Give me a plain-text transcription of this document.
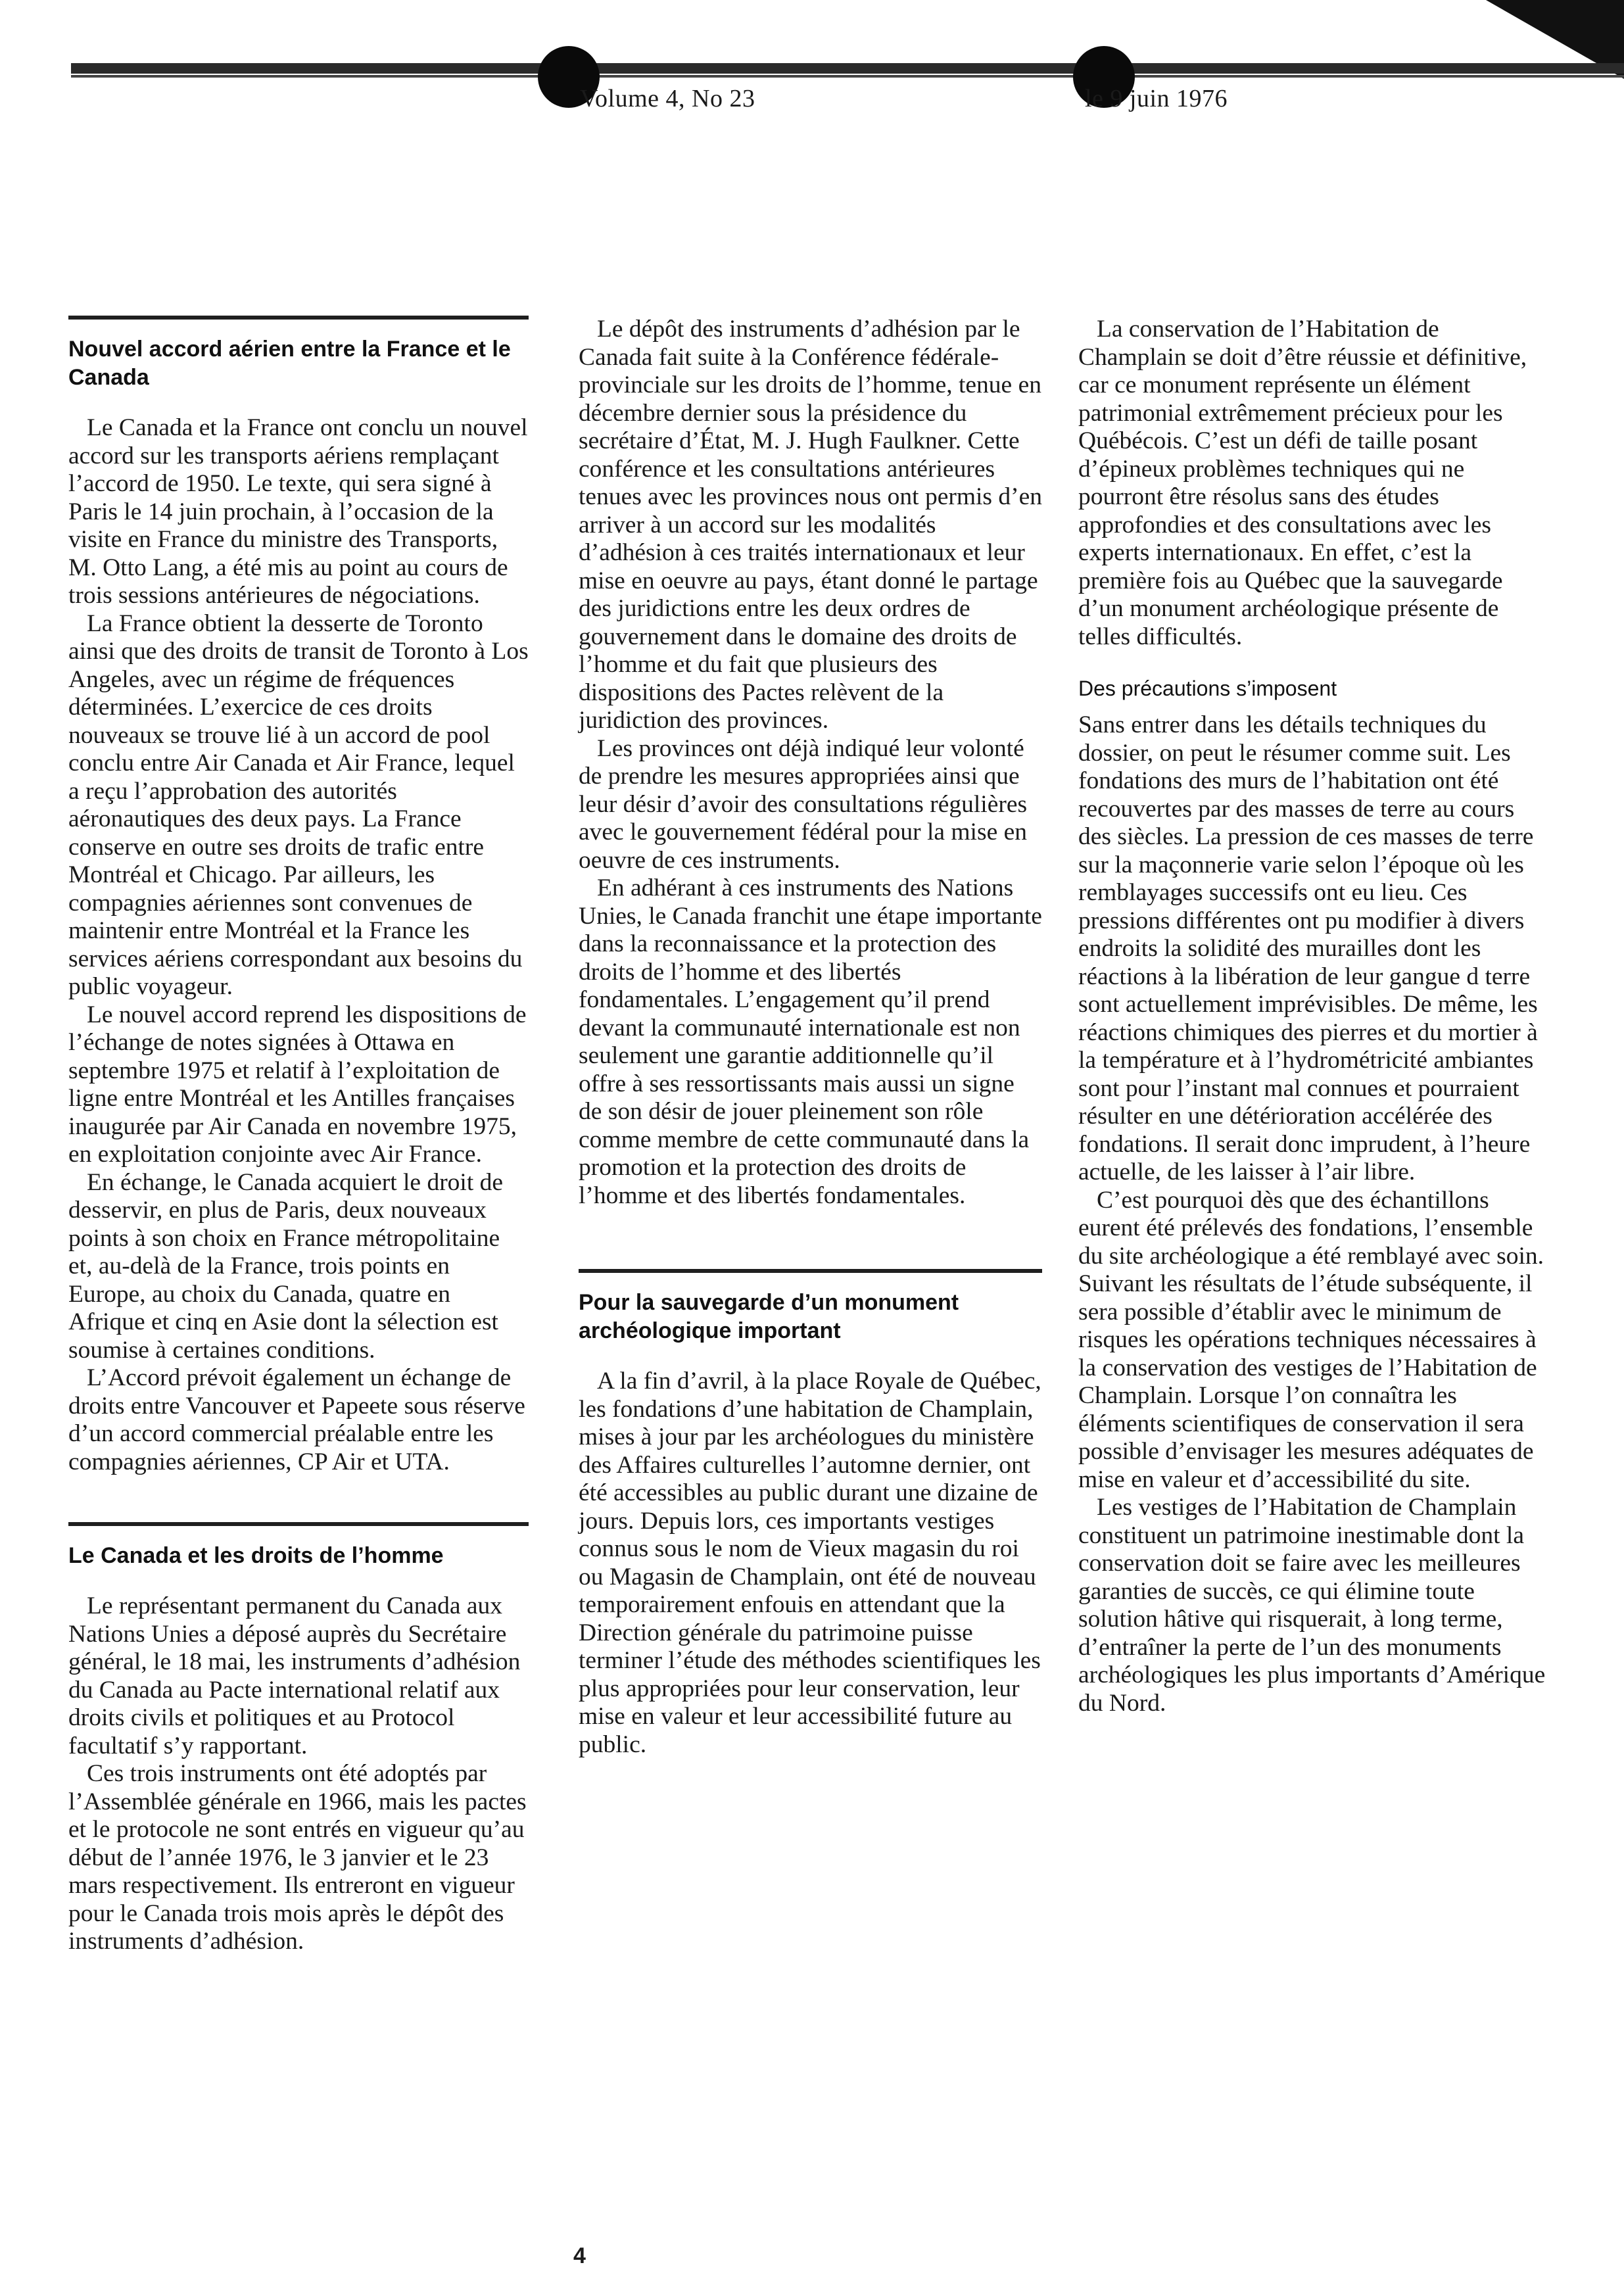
Volume 4, No 23	le 9 juin 1976
Nouvel accord aérien entre la France et le Canada

Le Canada et la France ont conclu un nouvel accord sur les transports aériens remplaçant l’accord de 1950. Le texte, qui sera signé à Paris le 14 juin prochain, à l’occasion de la visite en France du ministre des Transports, M. Otto Lang, a été mis au point au cours de trois sessions antérieures de négociations.

La France obtient la desserte de Toronto ainsi que des droits de transit de Toronto à Los Angeles, avec un régime de fréquences déterminées. L’exercice de ces droits nouveaux se trouve lié à un accord de pool conclu entre Air Canada et Air France, lequel a reçu l’approbation des autorités aéronautiques des deux pays. La France conserve en outre ses droits de trafic entre Montréal et Chicago. Par ailleurs, les compagnies aériennes sont convenues de maintenir entre Montréal et la France les services aériens correspondant aux besoins du public voyageur.

Le nouvel accord reprend les dispositions de l’échange de notes signées à Ottawa en septembre 1975 et relatif à l’exploitation de ligne entre Montréal et les Antilles françaises inaugurée par Air Canada en novembre 1975, en exploitation conjointe avec Air France.

En échange, le Canada acquiert le droit de desservir, en plus de Paris, deux nouveaux points à son choix en France métropolitaine et, au-delà de la France, trois points en Europe, au choix du Canada, quatre en Afrique et cinq en Asie dont la sélection est soumise à certaines conditions.

L’Accord prévoit également un échange de droits entre Vancouver et Papeete sous réserve d’un accord commercial préalable entre les compagnies aériennes, CP Air et UTA.

Le Canada et les droits de l’homme

Le représentant permanent du Canada aux Nations Unies a déposé auprès du Secrétaire général, le 18 mai, les instruments d’adhésion du Canada au Pacte international relatif aux droits civils et politiques et au Protocol facultatif s’y rapportant.

Ces trois instruments ont été adoptés par l’Assemblée générale en 1966, mais les pactes et le protocole ne sont entrés en vigueur qu’au début de l’année 1976, le 3 janvier et le 23 mars respectivement. Ils entreront en vigueur pour le Canada trois mois après le dépôt des instruments d’adhésion.

Le dépôt des instruments d’adhésion par le Canada fait suite à la Conférence fédérale-provinciale sur les droits de l’homme, tenue en décembre dernier sous la présidence du secrétaire d’État, M. J. Hugh Faulkner. Cette conférence et les consultations antérieures tenues avec les provinces nous ont permis d’en arriver à un accord sur les modalités d’adhésion à ces traités internationaux et leur mise en oeuvre au pays, étant donné le partage des juridictions entre les deux ordres de gouvernement dans le domaine des droits de l’homme et du fait que plusieurs des dispositions des Pactes relèvent de la juridiction des provinces.

Les provinces ont déjà indiqué leur volonté de prendre les mesures appropriées ainsi que leur désir d’avoir des consultations régulières avec le gouvernement fédéral pour la mise en oeuvre de ces instruments.

En adhérant à ces instruments des Nations Unies, le Canada franchit une étape importante dans la reconnaissance et la protection des droits de l’homme et des libertés fondamentales. L’engagement qu’il prend devant la communauté internationale est non seulement une garantie additionnelle qu’il offre à ses ressortissants mais aussi un signe de son désir de jouer pleinement son rôle comme membre de cette communauté dans la promotion et la protection des droits de l’homme et des libertés fondamentales.

Pour la sauvegarde d’un monument archéologique important

A la fin d’avril, à la place Royale de Québec, les fondations d’une habitation de Champlain, mises à jour par les archéologues du ministère des Affaires culturelles l’automne dernier, ont été accessibles au public durant une dizaine de jours. Depuis lors, ces importants vestiges connus sous le nom de Vieux magasin du roi ou Magasin de Champlain, ont été de nouveau temporairement enfouis en attendant que la Direction générale du patrimoine puisse terminer l’étude des méthodes scientifiques les plus appropriées pour leur conservation, leur mise en valeur et leur accessibilité future au public.

La conservation de l’Habitation de Champlain se doit d’être réussie et définitive, car ce monument représente un élément patrimonial extrêmement précieux pour les Québécois. C’est un défi de taille posant d’épineux problèmes techniques qui ne pourront être résolus sans des études approfondies et des consultations avec les experts internationaux. En effet, c’est la première fois au Québec que la sauvegarde d’un monument archéologique présente de telles difficultés.

Des précautions s’imposent

Sans entrer dans les détails techniques du dossier, on peut le résumer comme suit. Les fondations des murs de l’habitation ont été recouvertes par des masses de terre au cours des siècles. La pression de ces masses de terre sur la maçonnerie varie selon l’époque où les remblayages successifs ont eu lieu. Ces pressions différentes ont pu modifier à divers endroits la solidité des murailles dont les réactions à la libération de leur gangue d terre sont actuellement imprévisibles. De même, les réactions chimiques des pierres et du mortier à la température et à l’hydrométricité ambiantes sont pour l’instant mal connues et pourraient résulter en une détérioration accélérée des fondations. Il serait donc imprudent, à l’heure actuelle, de les laisser à l’air libre.

C’est pourquoi dès que des échantillons eurent été prélevés des fondations, l’ensemble du site archéologique a été remblayé avec soin. Suivant les résultats de l’étude subséquente, il sera possible d’établir avec le minimum de risques les opérations techniques nécessaires à la conservation des vestiges de l’Habitation de Champlain. Lorsque l’on connaîtra les éléments scientifiques de conservation il sera possible d’envisager les mesures adéquates de mise en valeur et d’accessibilité du site.

Les vestiges de l’Habitation de Champlain constituent un patrimoine inestimable dont la conservation doit se faire avec les meilleures garanties de succès, ce qui élimine toute solution hâtive qui risquerait, à long terme, d’entraîner la perte de l’un des monuments archéologiques les plus importants d’Amérique du Nord.

4
